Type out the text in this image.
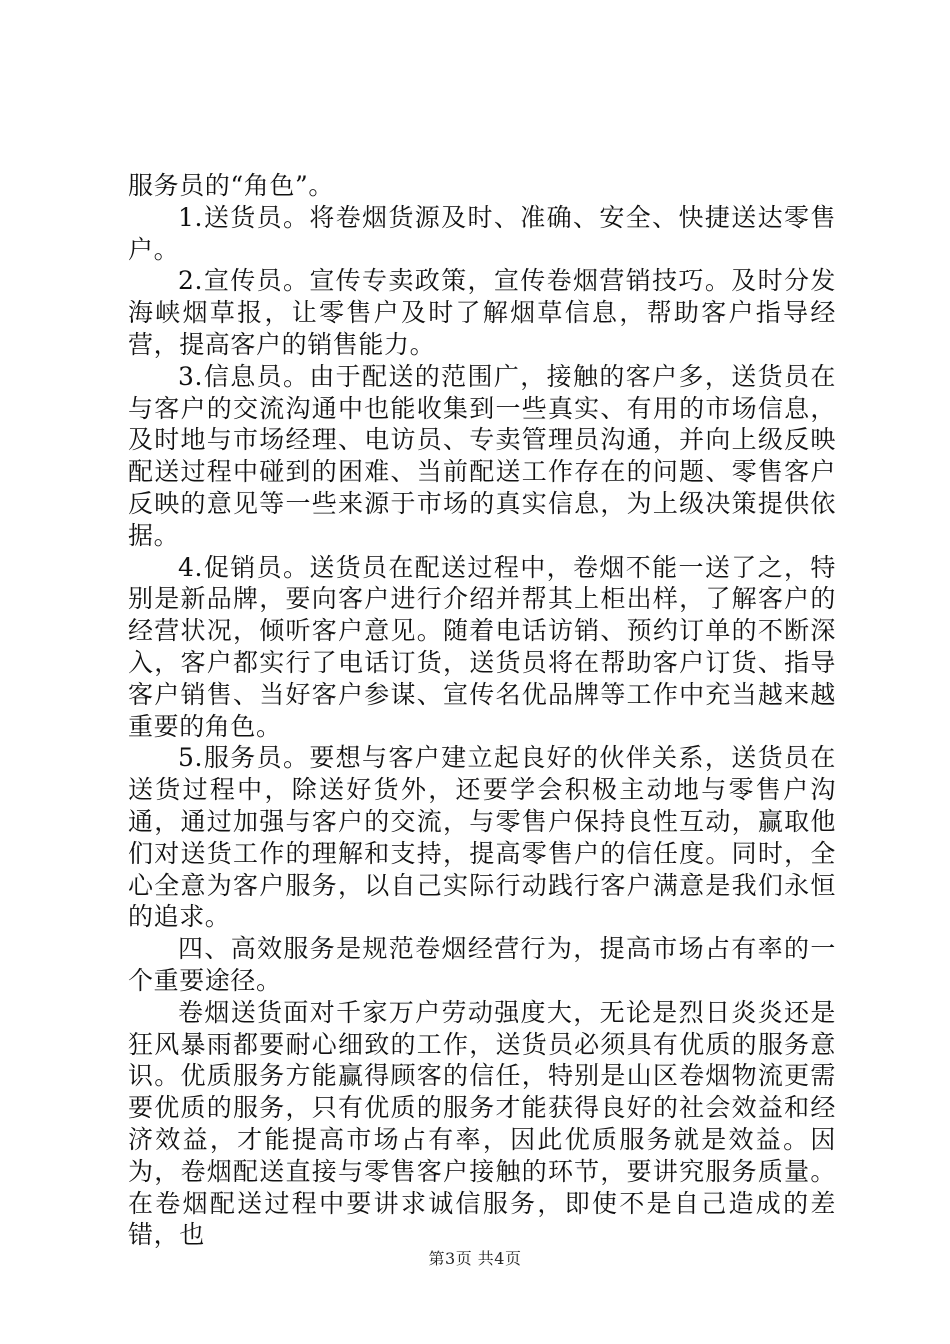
服务员的“角色”。

1.送货员。将卷烟货源及时、准确、安全、快捷送达零售户。

2.宣传员。宣传专卖政策，宣传卷烟营销技巧。及时分发海峡烟草报，让零售户及时了解烟草信息，帮助客户指导经营，提高客户的销售能力。

3.信息员。由于配送的范围广，接触的客户多，送货员在与客户的交流沟通中也能收集到一些真实、有用的市场信息，及时地与市场经理、电访员、专卖管理员沟通，并向上级反映配送过程中碰到的困难、当前配送工作存在的问题、零售客户反映的意见等一些来源于市场的真实信息，为上级决策提供依据。

4.促销员。送货员在配送过程中，卷烟不能一送了之，特别是新品牌，要向客户进行介绍并帮其上柜出样，了解客户的经营状况，倾听客户意见。随着电话访销、预约订单的不断深入，客户都实行了电话订货，送货员将在帮助客户订货、指导客户销售、当好客户参谋、宣传名优品牌等工作中充当越来越重要的角色。

5.服务员。要想与客户建立起良好的伙伴关系，送货员在送货过程中，除送好货外，还要学会积极主动地与零售户沟通，通过加强与客户的交流，与零售户保持良性互动，赢取他们对送货工作的理解和支持，提高零售户的信任度。同时，全心全意为客户服务，以自己实际行动践行客户满意是我们永恒的追求。

四、高效服务是规范卷烟经营行为，提高市场占有率的一个重要途径。

卷烟送货面对千家万户劳动强度大，无论是烈日炎炎还是狂风暴雨都要耐心细致的工作，送货员必须具有优质的服务意识。优质服务方能赢得顾客的信任，特别是山区卷烟物流更需要优质的服务，只有优质的服务才能获得良好的社会效益和经济效益，才能提高市场占有率，因此优质服务就是效益。因为，卷烟配送直接与零售客户接触的环节，要讲究服务质量。在卷烟配送过程中要讲求诚信服务，即使不是自己造成的差错，也

第3页 共4页
